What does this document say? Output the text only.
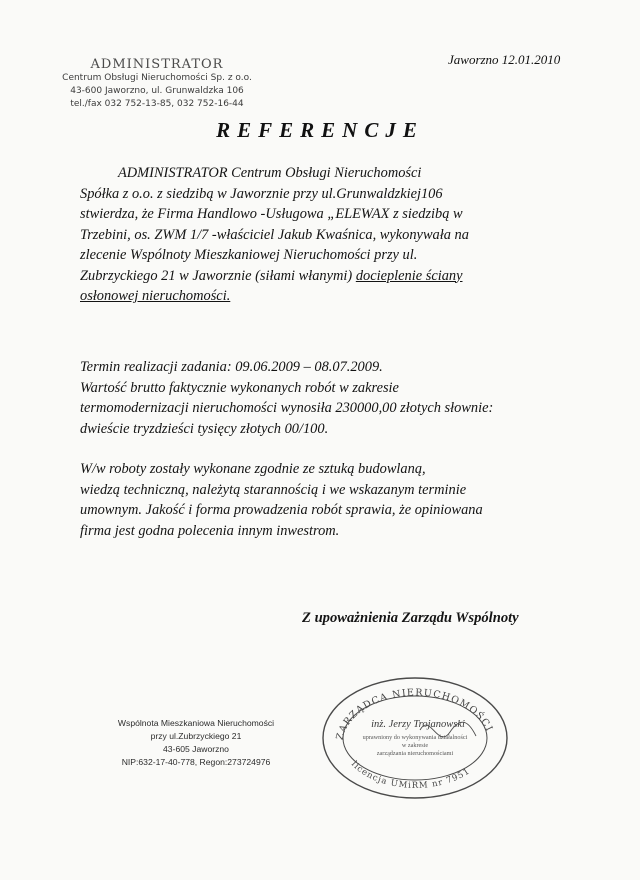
ADMINISTRATOR
Centrum Obsługi Nieruchomości Sp. z o.o.
43-600 Jaworzno, ul. Grunwaldzka 106
tel./fax 032 752-13-85, 032 752-16-44
Jaworzno 12.01.2010
REFERENCJE
ADMINISTRATOR Centrum Obsługi Nieruchomości
Spółka z o.o. z siedzibą w Jaworznie przy ul.Grunwaldzkiej106
stwierdza, że Firma Handlowo -Usługowa „ELEWAX z siedzibą w
Trzebini, os. ZWM 1/7 -właściciel Jakub Kwaśnica, wykonywała na
zlecenie Wspólnoty Mieszkaniowej Nieruchomości przy ul.
Zubrzyckiego 21 w Jaworznie (siłami włanymi) docieplenie ściany
osłonowej nieruchomości.
Termin realizacji zadania: 09.06.2009 – 08.07.2009.
Wartość brutto faktycznie wykonanych robót w zakresie
termomodernizacji nieruchomości wynosiła 230000,00 złotych słownie:
dwieście tryzdzieści tysięcy złotych 00/100.
W/w roboty zostały wykonane zgodnie ze sztuką budowlaną,
wiedzą techniczną, należytą starannością i we wskazanym terminie
umownym. Jakość i forma prowadzenia robót sprawia, że opiniowana
firma jest godna polecenia innym inwestrom.
Z upoważnienia Zarządu Wspólnoty
Wspólnota Mieszkaniowa Nieruchomości
przy ul.Zubrzyckiego 21
43-605 Jaworzno
NIP:632-17-40-778, Regon:273724976
ZARZĄDCA NIERUCHOMOŚCI
licencja UMiRM nr 7951
inż. Jerzy Trojanowski
uprawniony do wykonywania działalności
w zakresie
zarządzania nieruchomościami
